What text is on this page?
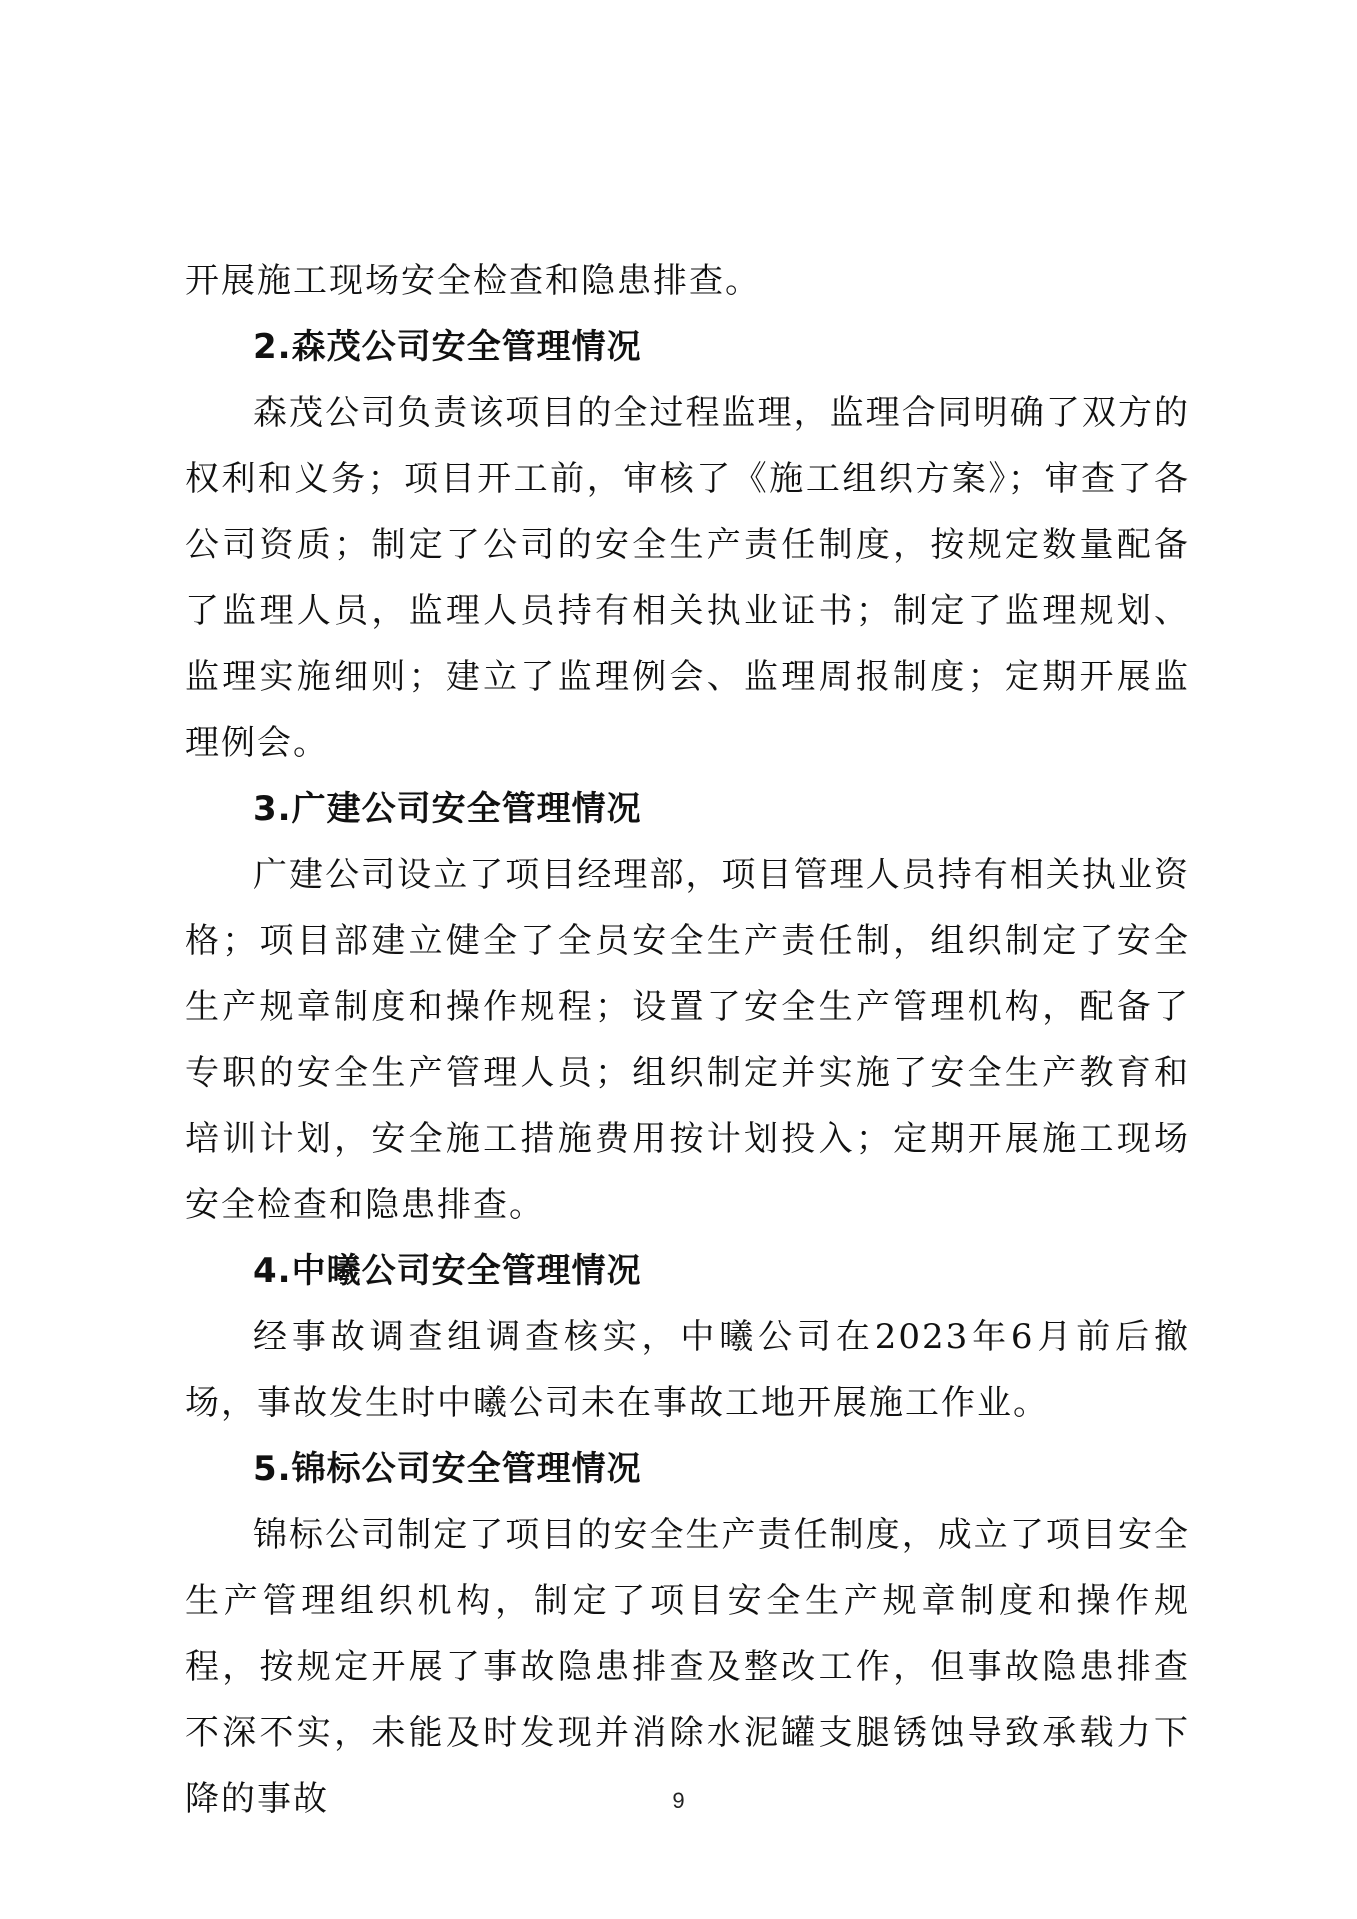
开展施工现场安全检查和隐患排查。

2.森茂公司安全管理情况

森茂公司负责该项目的全过程监理，监理合同明确了双方的权利和义务；项目开工前，审核了《施工组织方案》；审查了各公司资质；制定了公司的安全生产责任制度，按规定数量配备了监理人员，监理人员持有相关执业证书；制定了监理规划、监理实施细则；建立了监理例会、监理周报制度；定期开展监理例会。

3.广建公司安全管理情况

广建公司设立了项目经理部，项目管理人员持有相关执业资格；项目部建立健全了全员安全生产责任制，组织制定了安全生产规章制度和操作规程；设置了安全生产管理机构，配备了专职的安全生产管理人员；组织制定并实施了安全生产教育和培训计划，安全施工措施费用按计划投入；定期开展施工现场安全检查和隐患排查。

4.中曦公司安全管理情况

经事故调查组调查核实，中曦公司在2023年6月前后撤场，事故发生时中曦公司未在事故工地开展施工作业。

5.锦标公司安全管理情况

锦标公司制定了项目的安全生产责任制度，成立了项目安全生产管理组织机构，制定了项目安全生产规章制度和操作规程，按规定开展了事故隐患排查及整改工作，但事故隐患排查不深不实，未能及时发现并消除水泥罐支腿锈蚀导致承载力下降的事故	9
